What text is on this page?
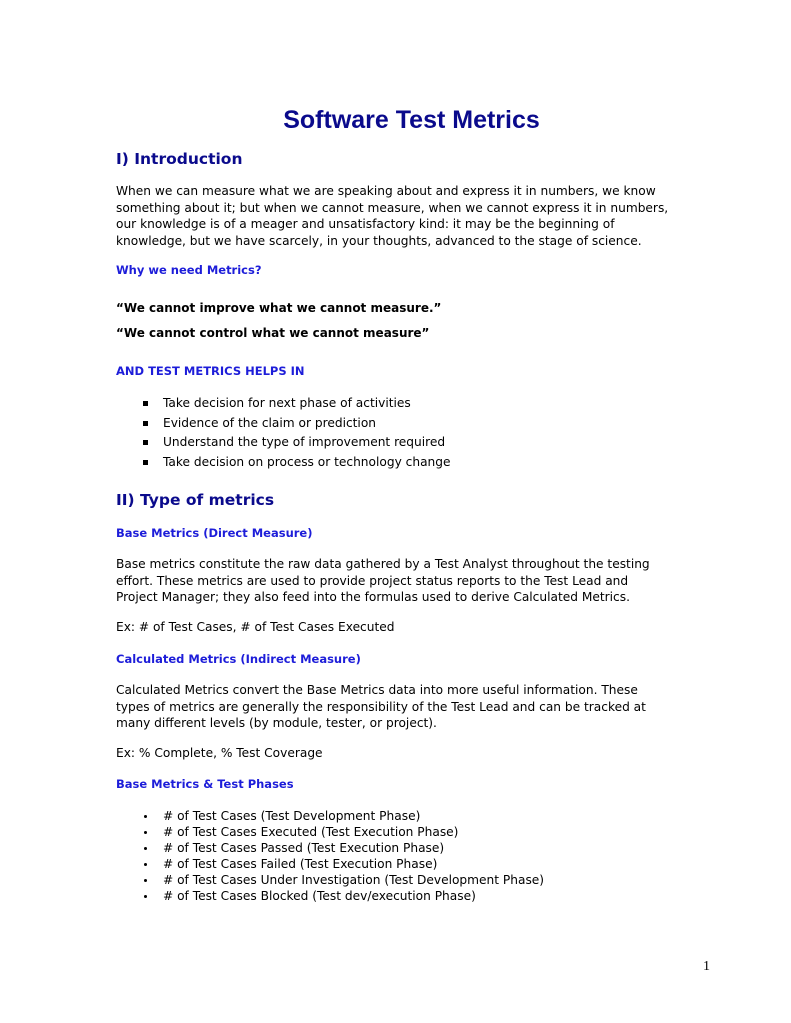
Software Test Metrics
I) Introduction
When we can measure what we are speaking about and express it in numbers, we know
something about it; but when we cannot measure, when we cannot express it in numbers,
our knowledge is of a meager and unsatisfactory kind: it may be the beginning of
knowledge, but we have scarcely, in your thoughts, advanced to the stage of science.
Why we need Metrics?
“We cannot improve what we cannot measure.”
“We cannot control what we cannot measure”
AND TEST METRICS HELPS IN
Take decision for next phase of activities
Evidence of the claim or prediction
Understand the type of improvement required
Take decision on process or technology change
II) Type of metrics
Base Metrics (Direct Measure)
Base metrics constitute the raw data gathered by a Test Analyst throughout the testing
effort. These metrics are used to provide project status reports to the Test Lead and
Project Manager; they also feed into the formulas used to derive Calculated Metrics.
Ex: # of Test Cases, # of Test Cases Executed
Calculated Metrics (Indirect Measure)
Calculated Metrics convert the Base Metrics data into more useful information. These
types of metrics are generally the responsibility of the Test Lead and can be tracked at
many different levels (by module, tester, or project).
Ex: % Complete, % Test Coverage
Base Metrics & Test Phases
# of Test Cases (Test Development Phase)
# of Test Cases Executed (Test Execution Phase)
# of Test Cases Passed (Test Execution Phase)
# of Test Cases Failed (Test Execution Phase)
# of Test Cases Under Investigation (Test Development Phase)
# of Test Cases Blocked (Test dev/execution Phase)
1
